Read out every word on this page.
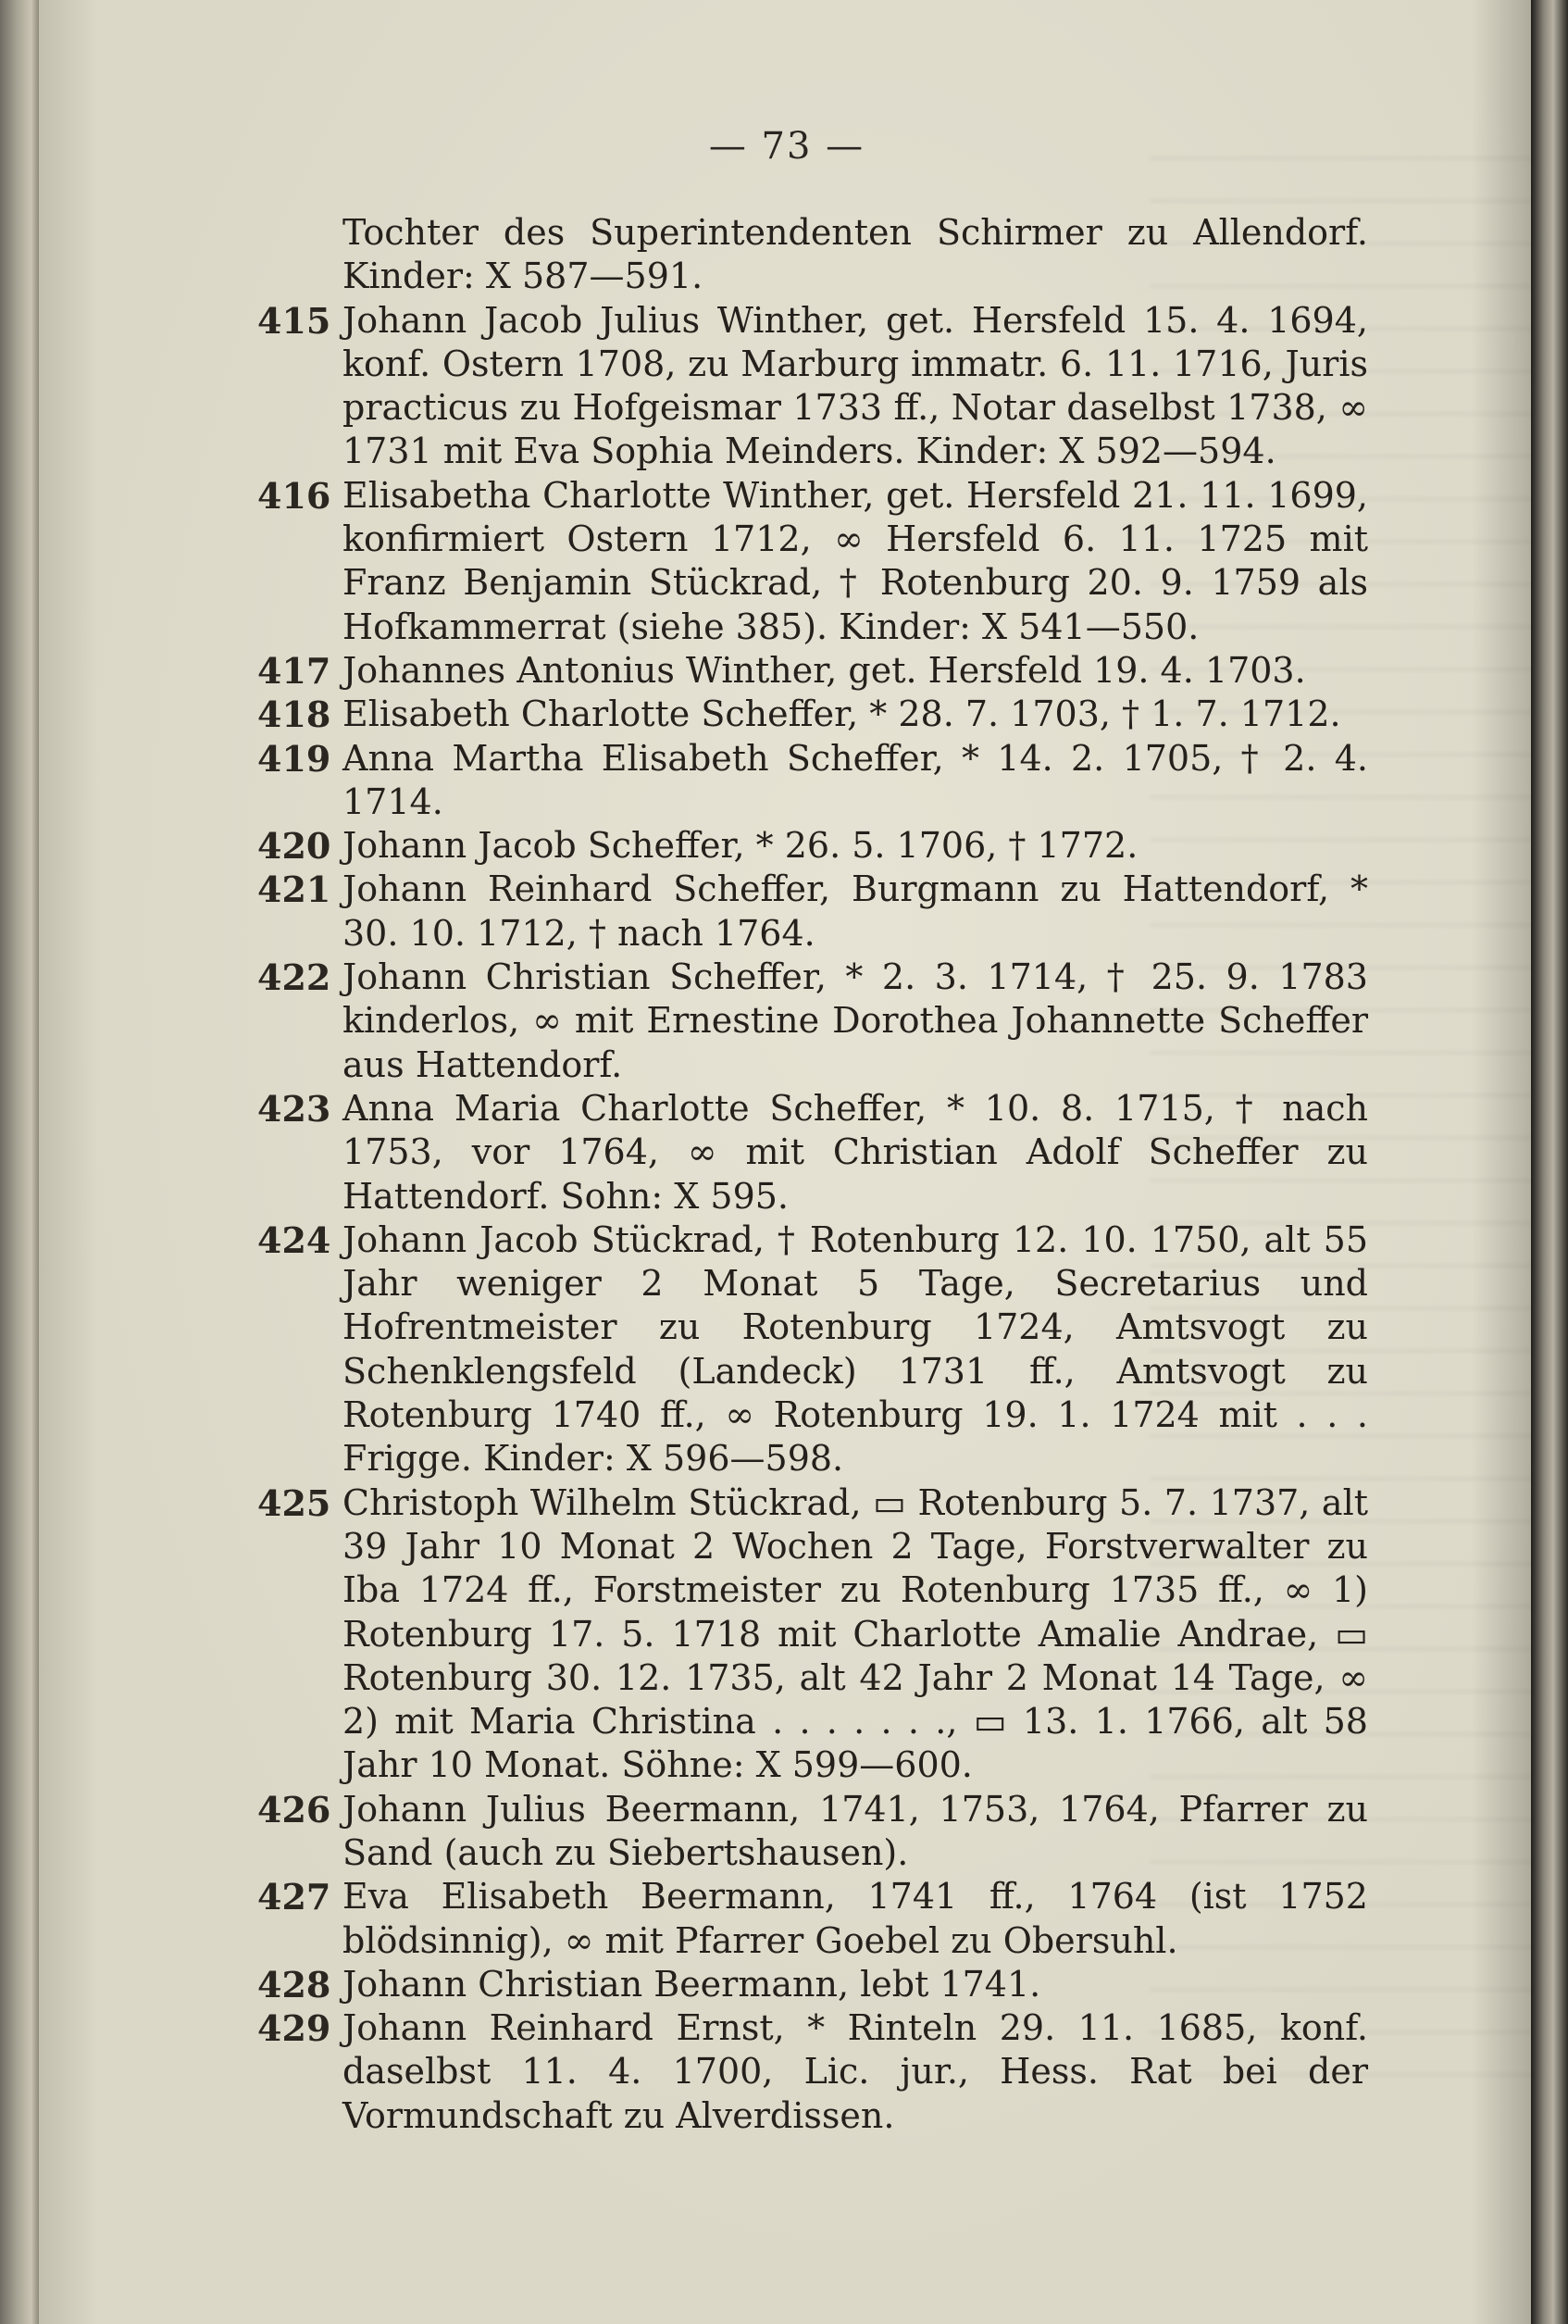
— 73 —

Tochter des Superintendenten Schirmer zu Allendorf. Kinder: X 587—591.

415 Johann Jacob Julius Winther, get. Hersfeld 15. 4. 1694, konf. Ostern 1708, zu Marburg immatr. 6. 11. 1716, Juris practicus zu Hofgeismar 1733 ff., Notar daselbst 1738, ∞ 1731 mit Eva Sophia Meinders. Kinder: X 592—594.

416 Elisabetha Charlotte Winther, get. Hersfeld 21. 11. 1699, konfirmiert Ostern 1712, ∞ Hersfeld 6. 11. 1725 mit Franz Benjamin Stückrad, † Rotenburg 20. 9. 1759 als Hofkammerrat (siehe 385). Kinder: X 541—550.

417 Johannes Antonius Winther, get. Hersfeld 19. 4. 1703.

418 Elisabeth Charlotte Scheffer, * 28. 7. 1703, † 1. 7. 1712.

419 Anna Martha Elisabeth Scheffer, * 14. 2. 1705, † 2. 4. 1714.

420 Johann Jacob Scheffer, * 26. 5. 1706, † 1772.

421 Johann Reinhard Scheffer, Burgmann zu Hattendorf, * 30. 10. 1712, † nach 1764.

422 Johann Christian Scheffer, * 2. 3. 1714, † 25. 9. 1783 kinderlos, ∞ mit Ernestine Dorothea Johannette Scheffer aus Hattendorf.

423 Anna Maria Charlotte Scheffer, * 10. 8. 1715, † nach 1753, vor 1764, ∞ mit Christian Adolf Scheffer zu Hattendorf. Sohn: X 595.

424 Johann Jacob Stückrad, † Rotenburg 12. 10. 1750, alt 55 Jahr weniger 2 Monat 5 Tage, Secretarius und Hofrentmeister zu Rotenburg 1724, Amtsvogt zu Schenklengsfeld (Landeck) 1731 ff., Amtsvogt zu Rotenburg 1740 ff., ∞ Rotenburg 19. 1. 1724 mit . . . Frigge. Kinder: X 596—598.

425 Christoph Wilhelm Stückrad, ▭ Rotenburg 5. 7. 1737, alt 39 Jahr 10 Monat 2 Wochen 2 Tage, Forstverwalter zu Iba 1724 ff., Forstmeister zu Rotenburg 1735 ff., ∞ 1) Rotenburg 17. 5. 1718 mit Charlotte Amalie Andrae, ▭ Rotenburg 30. 12. 1735, alt 42 Jahr 2 Monat 14 Tage, ∞ 2) mit Maria Christina . . . . . . ., ▭ 13. 1. 1766, alt 58 Jahr 10 Monat. Söhne: X 599—600.

426 Johann Julius Beermann, 1741, 1753, 1764, Pfarrer zu Sand (auch zu Siebertshausen).

427 Eva Elisabeth Beermann, 1741 ff., 1764 (ist 1752 blödsinnig), ∞ mit Pfarrer Goebel zu Obersuhl.

428 Johann Christian Beermann, lebt 1741.

429 Johann Reinhard Ernst, * Rinteln 29. 11. 1685, konf. daselbst 11. 4. 1700, Lic. jur., Hess. Rat bei der Vormundschaft zu Alverdissen.
